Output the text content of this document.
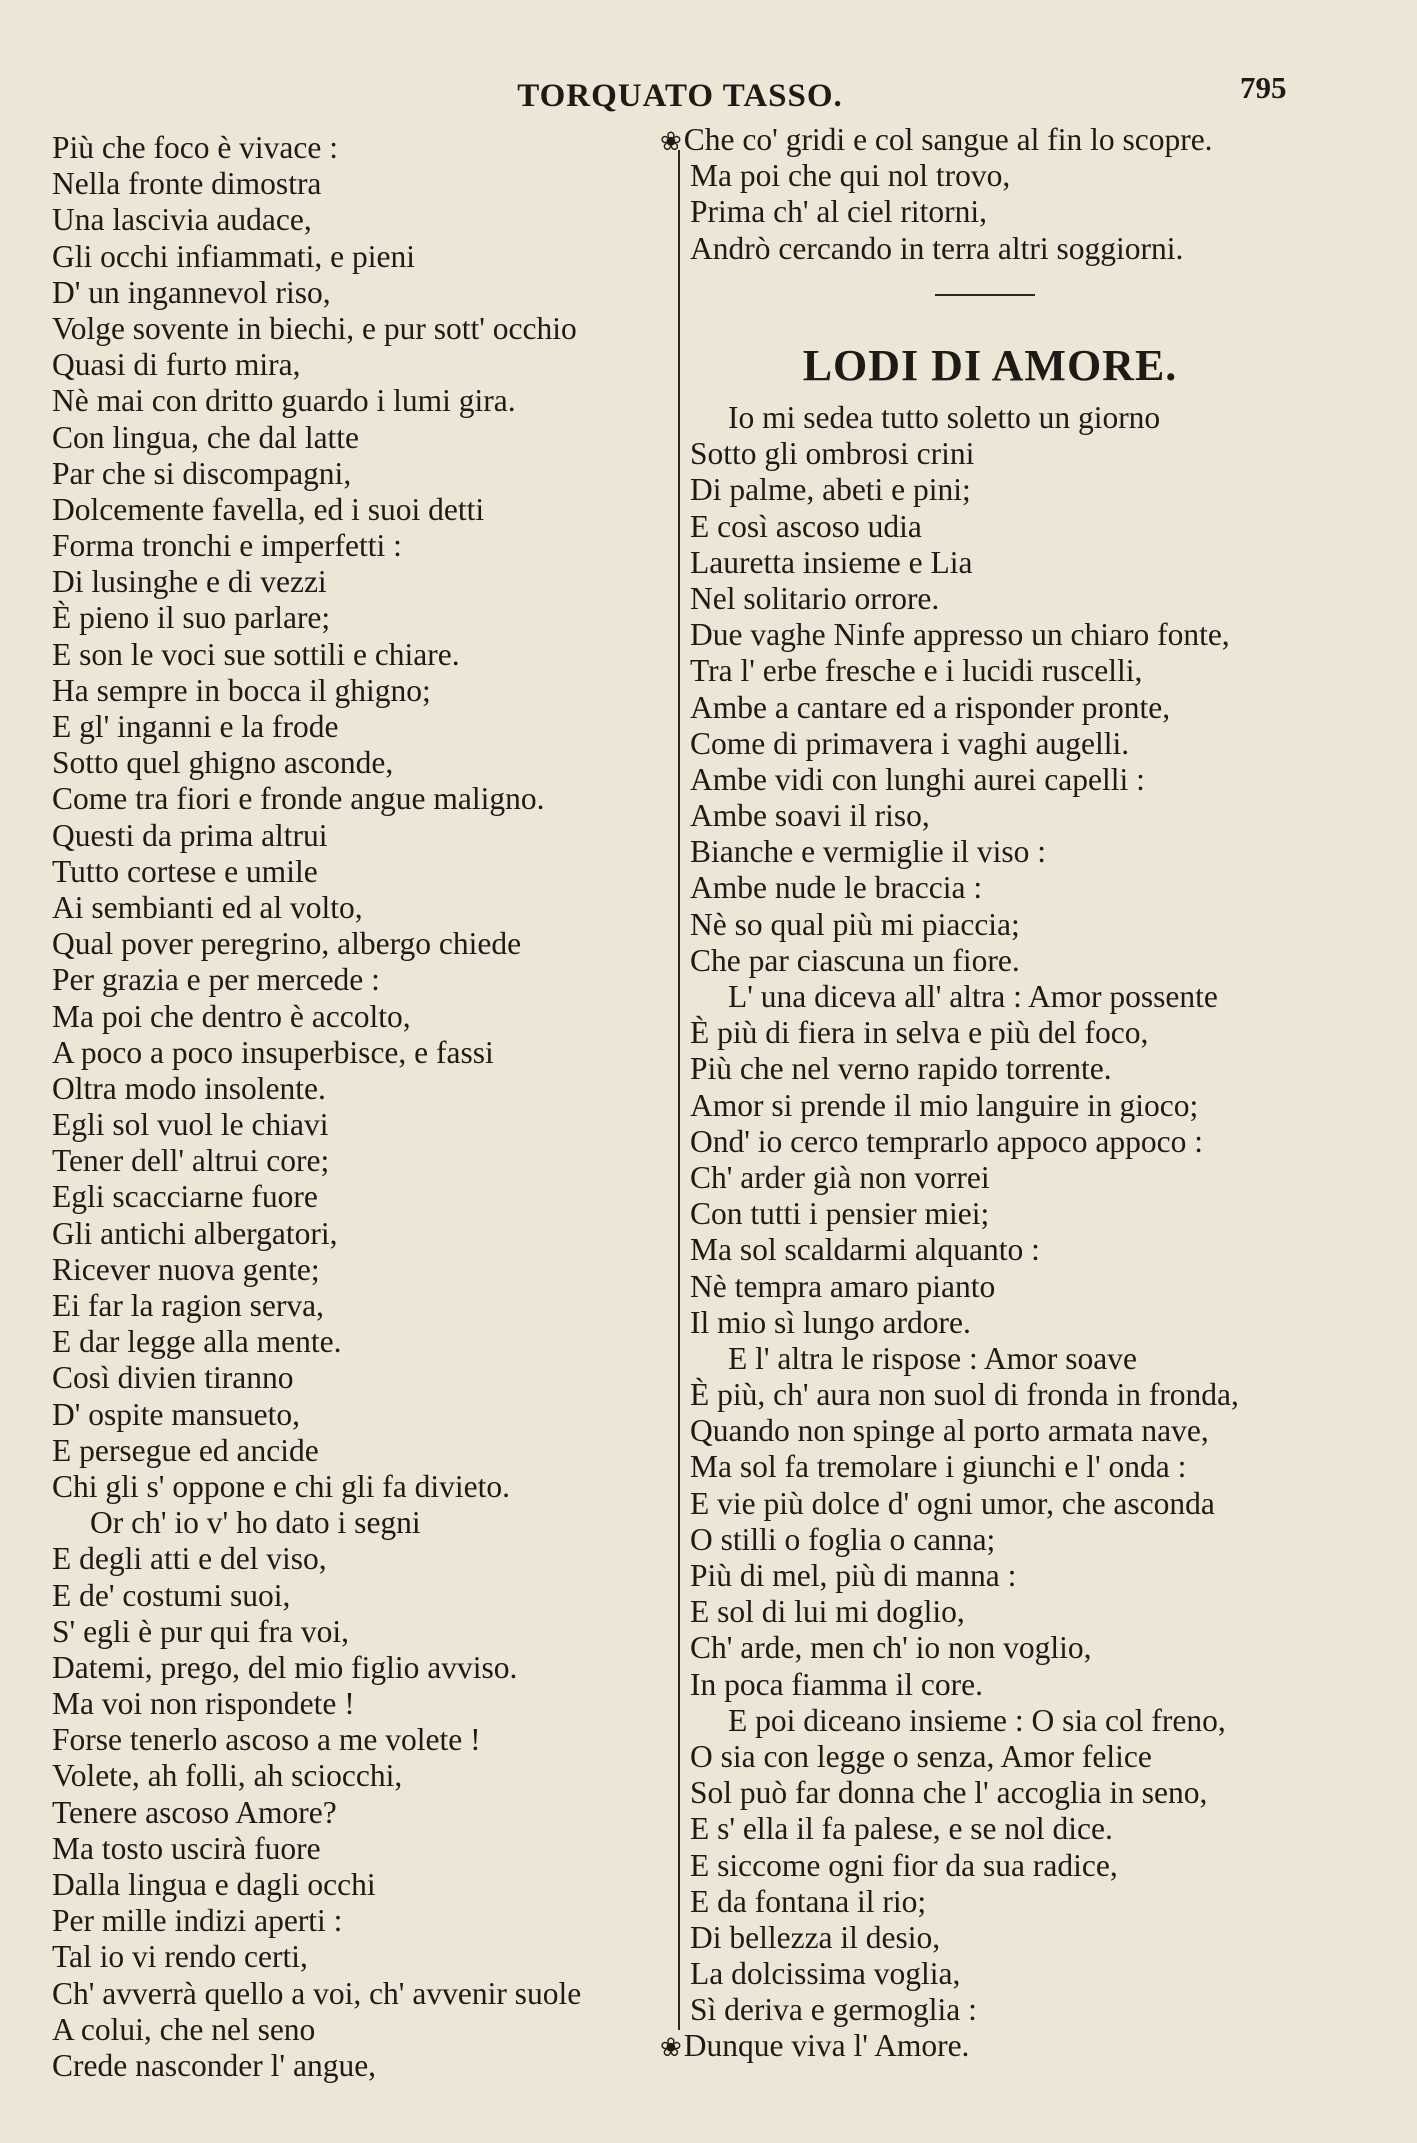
TORQUATO TASSO.	795
Più che foco è vivace :
Nella fronte dimostra
Una lascivia audace,
Gli occhi infiammati, e pieni
D' un ingannevol riso,
Volge sovente in biechi, e pur sott' occhio
Quasi di furto mira,
Nè mai con dritto guardo i lumi gira.
Con lingua, che dal latte
Par che si discompagni,
Dolcemente favella, ed i suoi detti
Forma tronchi e imperfetti :
Di lusinghe e di vezzi
È pieno il suo parlare;
E son le voci sue sottili e chiare.
Ha sempre in bocca il ghigno;
E gl' inganni e la frode
Sotto quel ghigno asconde,
Come tra fiori e fronde angue maligno.
Questi da prima altrui
Tutto cortese e umile
Ai sembianti ed al volto,
Qual pover peregrino, albergo chiede
Per grazia e per mercede :
Ma poi che dentro è accolto,
A poco a poco insuperbisce, e fassi
Oltra modo insolente.
Egli sol vuol le chiavi
Tener dell' altrui core;
Egli scacciarne fuore
Gli antichi albergatori,
Ricever nuova gente;
Ei far la ragion serva,
E dar legge alla mente.
Così divien tiranno
D' ospite mansueto,
E persegue ed ancide
Chi gli s' oppone e chi gli fa divieto.
Or ch' io v' ho dato i segni
E degli atti e del viso,
E de' costumi suoi,
S' egli è pur qui fra voi,
Datemi, prego, del mio figlio avviso.
Ma voi non rispondete !
Forse tenerlo ascoso a me volete !
Volete, ah folli, ah sciocchi,
Tenere ascoso Amore?
Ma tosto uscirà fuore
Dalla lingua e dagli occhi
Per mille indizi aperti :
Tal io vi rendo certi,
Ch' avverrà quello a voi, ch' avvenir suole
A colui, che nel seno
Crede nasconder l' angue,
❀Che co' gridi e col sangue al fin lo scopre.
Ma poi che qui nol trovo,
Prima ch' al ciel ritorni,
Andrò cercando in terra altri soggiorni.
LODI DI AMORE.
Io mi sedea tutto soletto un giorno
Sotto gli ombrosi crini
Di palme, abeti e pini;
E così ascoso udia
Lauretta insieme e Lia
Nel solitario orrore.
Due vaghe Ninfe appresso un chiaro fonte,
Tra l' erbe fresche e i lucidi ruscelli,
Ambe a cantare ed a risponder pronte,
Come di primavera i vaghi augelli.
Ambe vidi con lunghi aurei capelli :
Ambe soavi il riso,
Bianche e vermiglie il viso :
Ambe nude le braccia :
Nè so qual più mi piaccia;
Che par ciascuna un fiore.
L' una diceva all' altra : Amor possente
È più di fiera in selva e più del foco,
Più che nel verno rapido torrente.
Amor si prende il mio languire in gioco;
Ond' io cerco temprarlo appoco appoco :
Ch' arder già non vorrei
Con tutti i pensier miei;
Ma sol scaldarmi alquanto :
Nè tempra amaro pianto
Il mio sì lungo ardore.
E l' altra le rispose : Amor soave
È più, ch' aura non suol di fronda in fronda,
Quando non spinge al porto armata nave,
Ma sol fa tremolare i giunchi e l' onda :
E vie più dolce d' ogni umor, che asconda
O stilli o foglia o canna;
Più di mel, più di manna :
E sol di lui mi doglio,
Ch' arde, men ch' io non voglio,
In poca fiamma il core.
E poi diceano insieme : O sia col freno,
O sia con legge o senza, Amor felice
Sol può far donna che l' accoglia in seno,
E s' ella il fa palese, e se nol dice.
E siccome ogni fior da sua radice,
E da fontana il rio;
Di bellezza il desio,
La dolcissima voglia,
Sì deriva e germoglia :
❀Dunque viva l' Amore.
